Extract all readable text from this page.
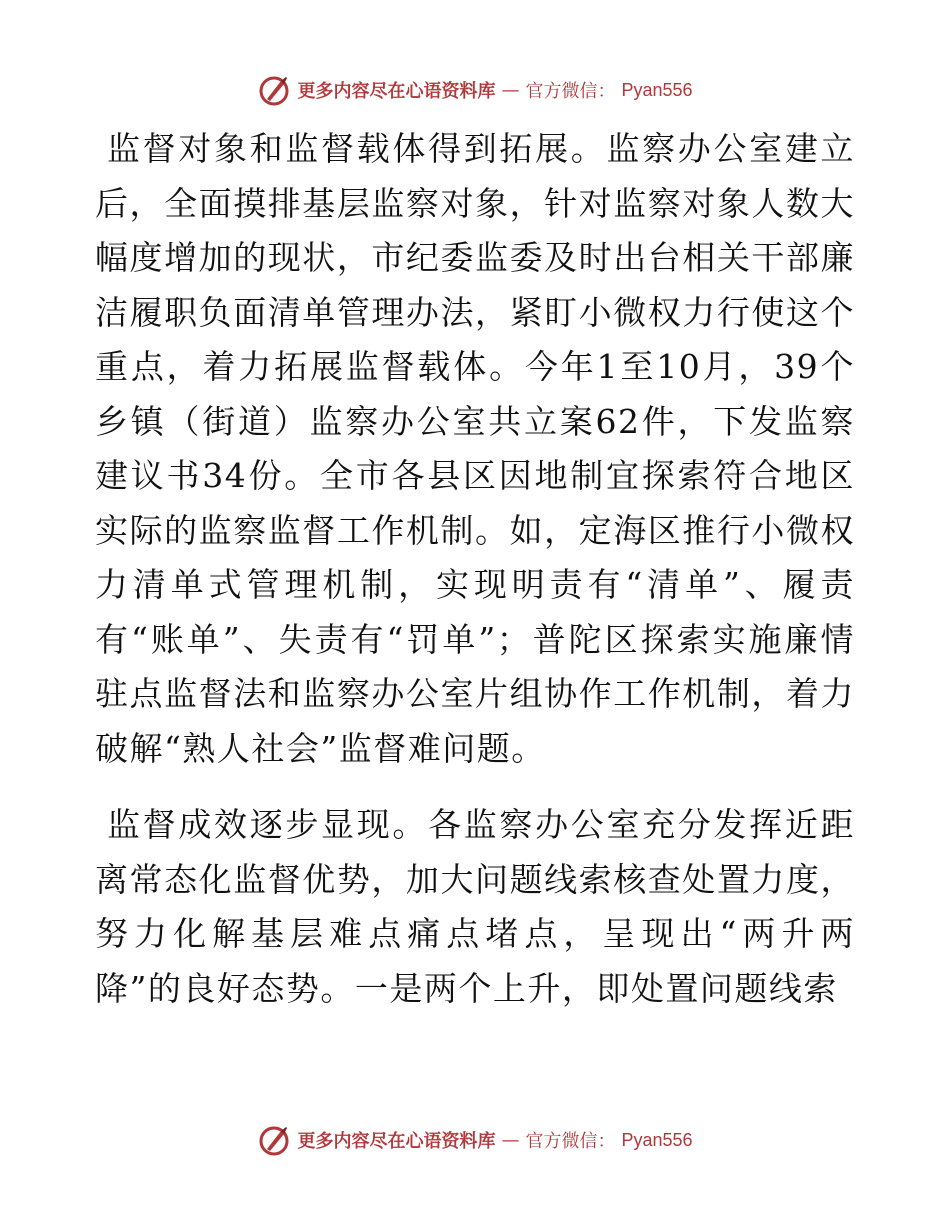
更多内容尽在心语资料库 — 官方微信： Pyan556

监督对象和监督载体得到拓展。监察办公室建立后，全面摸排基层监察对象，针对监察对象人数大幅度增加的现状，市纪委监委及时出台相关干部廉洁履职负面清单管理办法，紧盯小微权力行使这个重点，着力拓展监督载体。今年1至10月，39个乡镇（街道）监察办公室共立案62件，下发监察建议书34份。全市各县区因地制宜探索符合地区实际的监察监督工作机制。如，定海区推行小微权力清单式管理机制，实现明责有“清单”、履责有“账单”、失责有“罚单”；普陀区探索实施廉情驻点监督法和监察办公室片组协作工作机制，着力破解“熟人社会”监督难问题。

监督成效逐步显现。各监察办公室充分发挥近距离常态化监督优势，加大问题线索核查处置力度，努力化解基层难点痛点堵点，呈现出“两升两降”的良好态势。一是两个上升，即处置问题线索

更多内容尽在心语资料库 — 官方微信： Pyan556
